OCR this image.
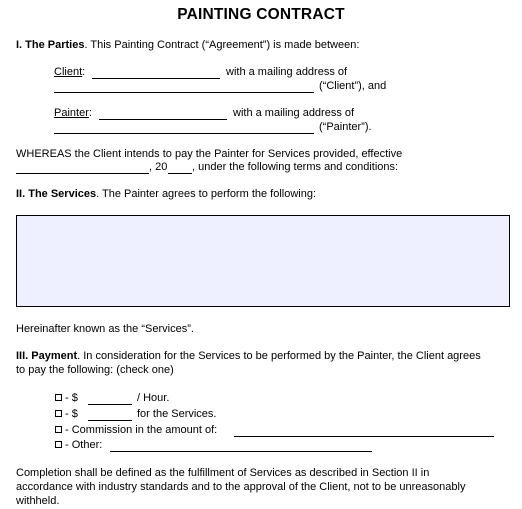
PAINTING CONTRACT
I. The Parties. This Painting Contract (“Agreement”) is made between:
Client:	with a mailing address of
(“Client”), and
Painter:	with a mailing address of
(“Painter”).
WHEREAS the Client intends to pay the Painter for Services provided, effective
, 20 , under the following terms and conditions:
II. The Services. The Painter agrees to perform the following:
Hereinafter known as the “Services”.
III. Payment. In consideration for the Services to be performed by the Painter, the Client agrees
to pay the following: (check one)
- $	/ Hour.
- $	for the Services.
- Commission in the amount of:
- Other:
Completion shall be defined as the fulfillment of Services as described in Section II in
accordance with industry standards and to the approval of the Client, not to be unreasonably
withheld.
